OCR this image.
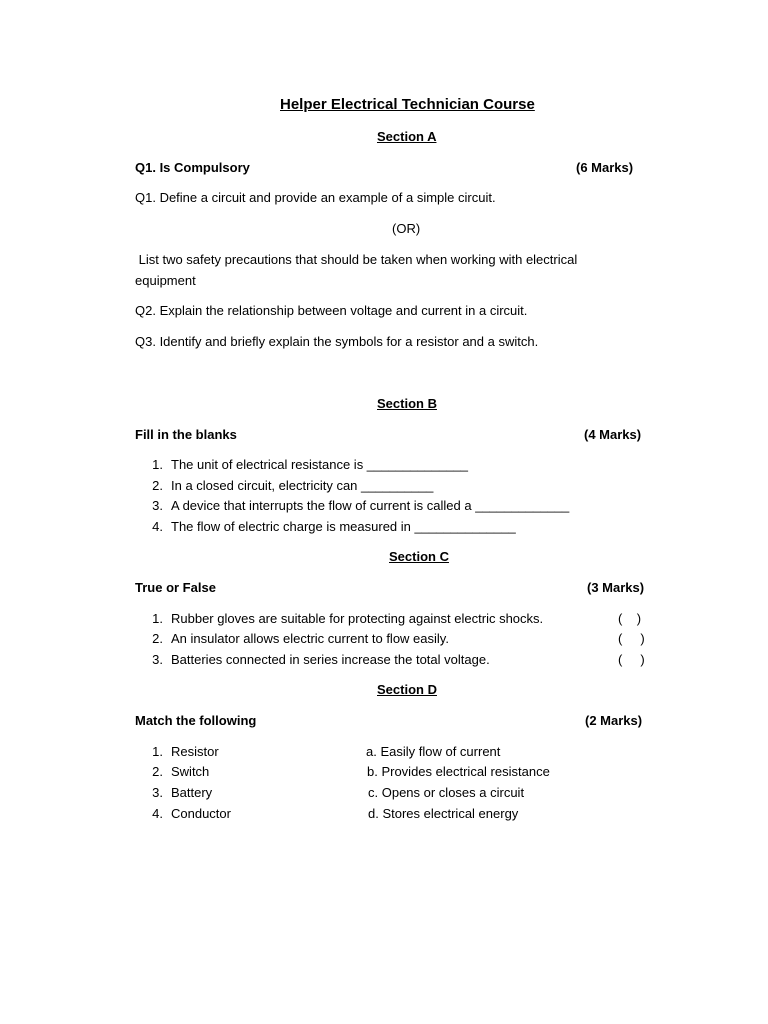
Helper Electrical Technician Course
Section A
Q1. Is Compulsory	(6 Marks)
Q1. Define a circuit and provide an example of a simple circuit.
(OR)
List two safety precautions that should be taken when working with electrical
equipment
Q2. Explain the relationship between voltage and current in a circuit.
Q3. Identify and briefly explain the symbols for a resistor and a switch.
Section B
Fill in the blanks	(4 Marks)
1. The unit of electrical resistance is ______________
2. In a closed circuit, electricity can __________
3. A device that interrupts the flow of current is called a _____________
4. The flow of electric charge is measured in ______________
Section C
True or False	(3 Marks)
1. Rubber gloves are suitable for protecting against electric shocks.	(    )
2. An insulator allows electric current to flow easily.	(     )
3. Batteries connected in series increase the total voltage.	(     )
Section D
Match the following	(2 Marks)
1. Resistor	a. Easily flow of current
2. Switch	b. Provides electrical resistance
3. Battery	c. Opens or closes a circuit
4. Conductor	d. Stores electrical energy
